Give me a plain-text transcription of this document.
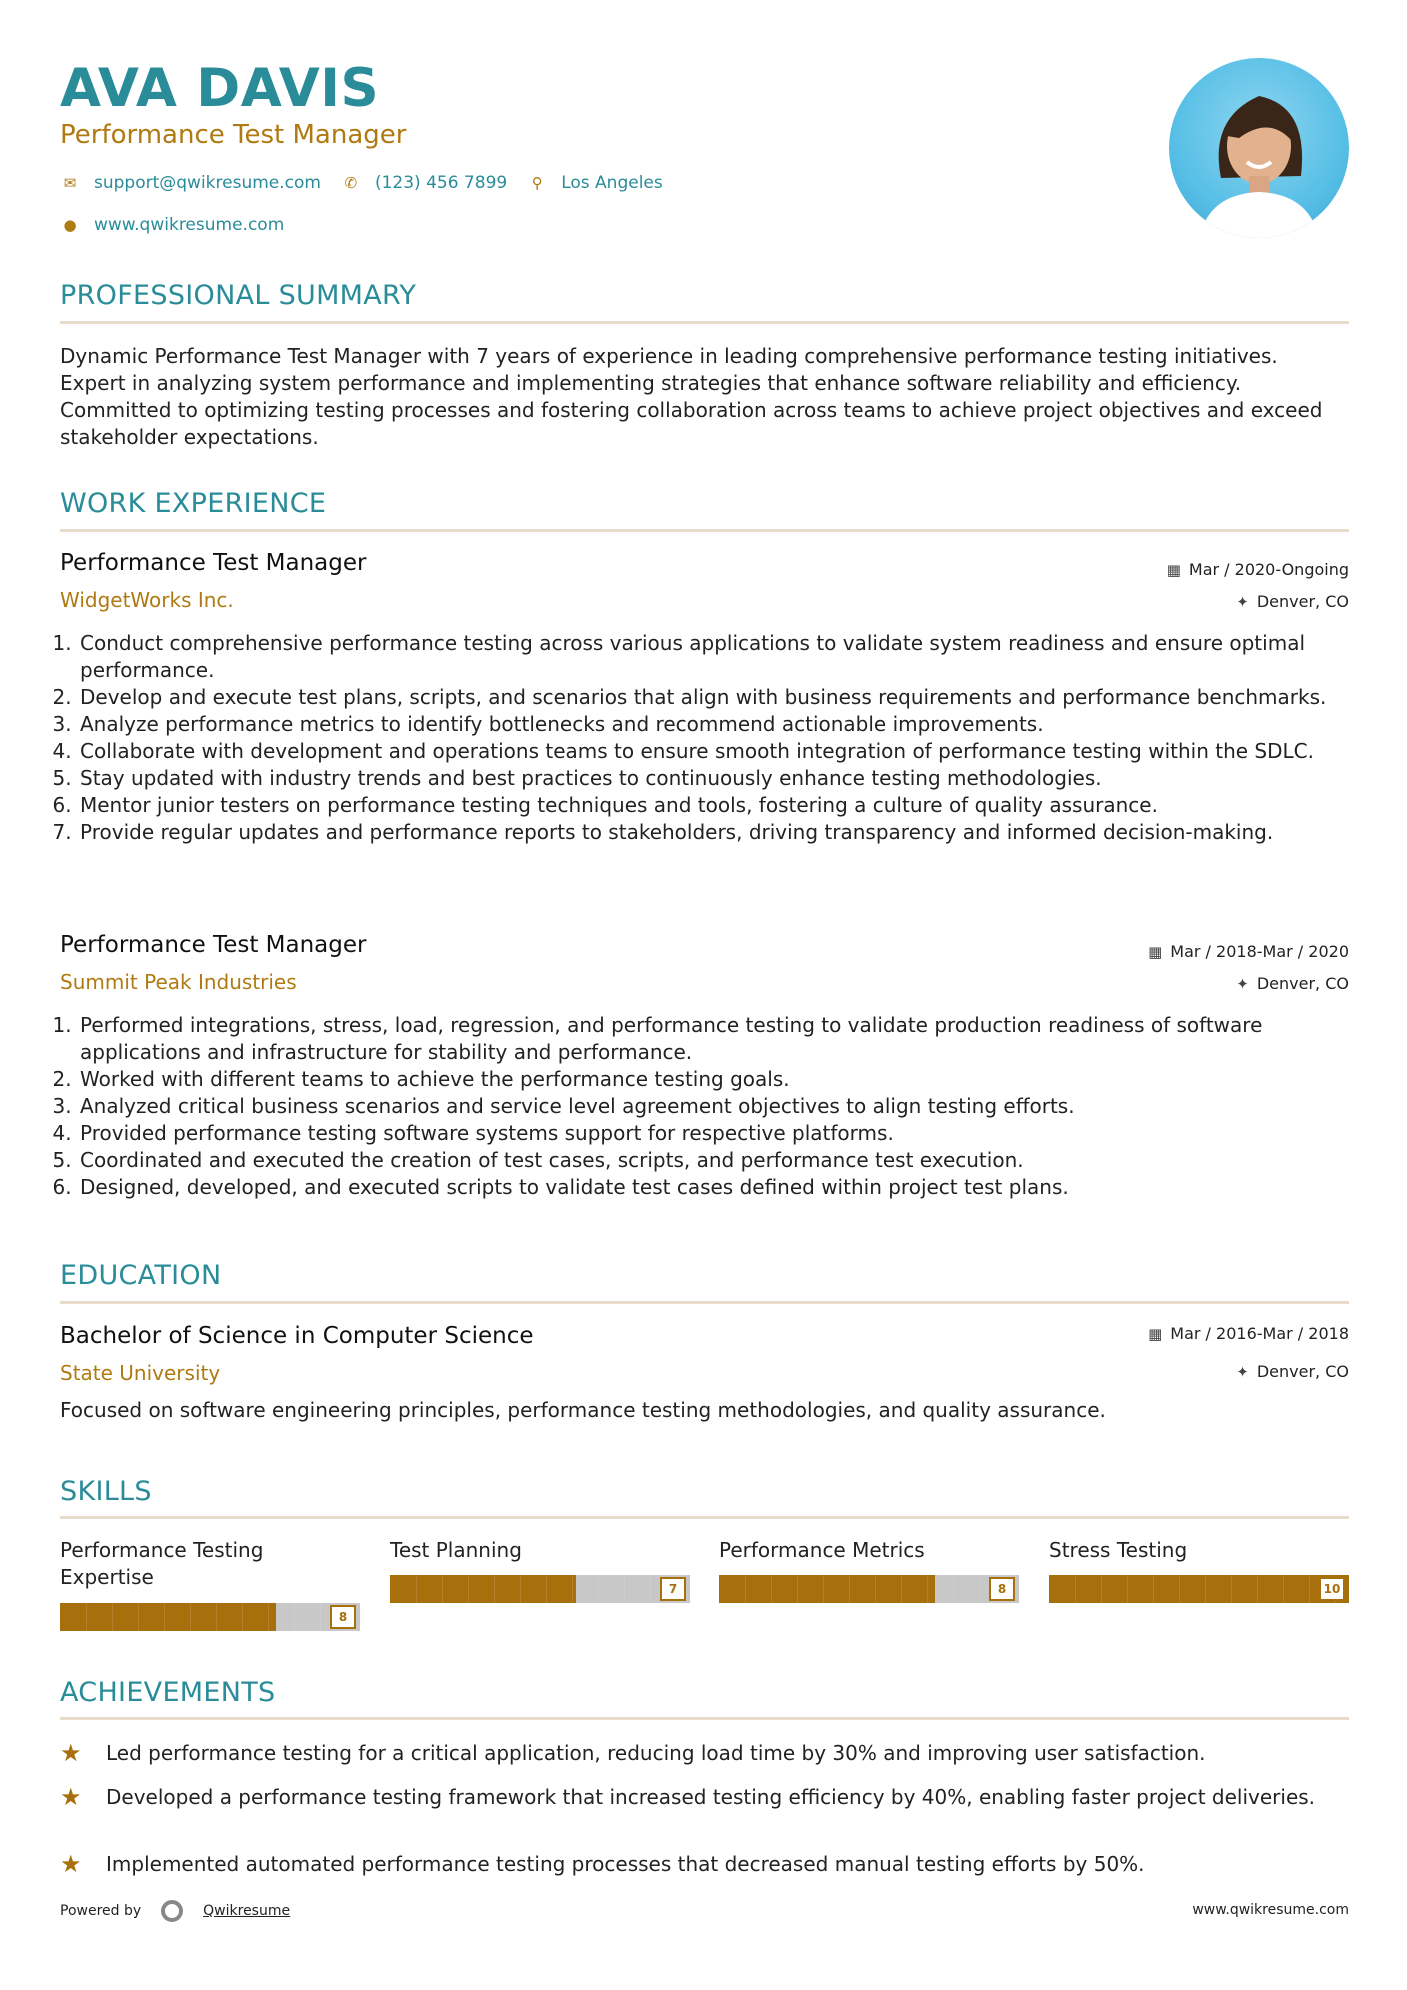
AVA DAVIS
Performance Test Manager
✉ support@qwikresume.com ✆ (123) 456 7899	⚲ Los Angeles
● www.qwikresume.com
PROFESSIONAL SUMMARY
Dynamic Performance Test Manager with 7 years of experience in leading comprehensive performance testing initiatives. Expert in analyzing system performance and implementing strategies that enhance software reliability and efficiency. Committed to optimizing testing processes and fostering collaboration across teams to achieve project objectives and exceed stakeholder expectations.
WORK EXPERIENCE
Performance Test Manager	▦ Mar / 2020-Ongoing
WidgetWorks Inc.	✦ Denver, CO
1. Conduct comprehensive performance testing across various applications to validate system readiness and ensure optimal performance.
2. Develop and execute test plans, scripts, and scenarios that align with business requirements and performance benchmarks.
3. Analyze performance metrics to identify bottlenecks and recommend actionable improvements.
4. Collaborate with development and operations teams to ensure smooth integration of performance testing within the SDLC.
5. Stay updated with industry trends and best practices to continuously enhance testing methodologies.
6. Mentor junior testers on performance testing techniques and tools, fostering a culture of quality assurance.
7. Provide regular updates and performance reports to stakeholders, driving transparency and informed decision-making.
Performance Test Manager	▦ Mar / 2018-Mar / 2020
Summit Peak Industries	✦ Denver, CO
1. Performed integrations, stress, load, regression, and performance testing to validate production readiness of software applications and infrastructure for stability and performance.
2. Worked with different teams to achieve the performance testing goals.
3. Analyzed critical business scenarios and service level agreement objectives to align testing efforts.
4. Provided performance testing software systems support for respective platforms.
5. Coordinated and executed the creation of test cases, scripts, and performance test execution.
6. Designed, developed, and executed scripts to validate test cases defined within project test plans.
EDUCATION
Bachelor of Science in Computer Science	▦ Mar / 2016-Mar / 2018
State University	✦ Denver, CO
Focused on software engineering principles, performance testing methodologies, and quality assurance.
SKILLS
Performance Testing Expertise
8
Test Planning
7
Performance Metrics
8
Stress Testing
10
ACHIEVEMENTS
★	Led performance testing for a critical application, reducing load time by 30% and improving user satisfaction.
★	Developed a performance testing framework that increased testing efficiency by 40%, enabling faster project deliveries.
★	Implemented automated performance testing processes that decreased manual testing efforts by 50%.
Powered by	Qwikresume	www.qwikresume.com
